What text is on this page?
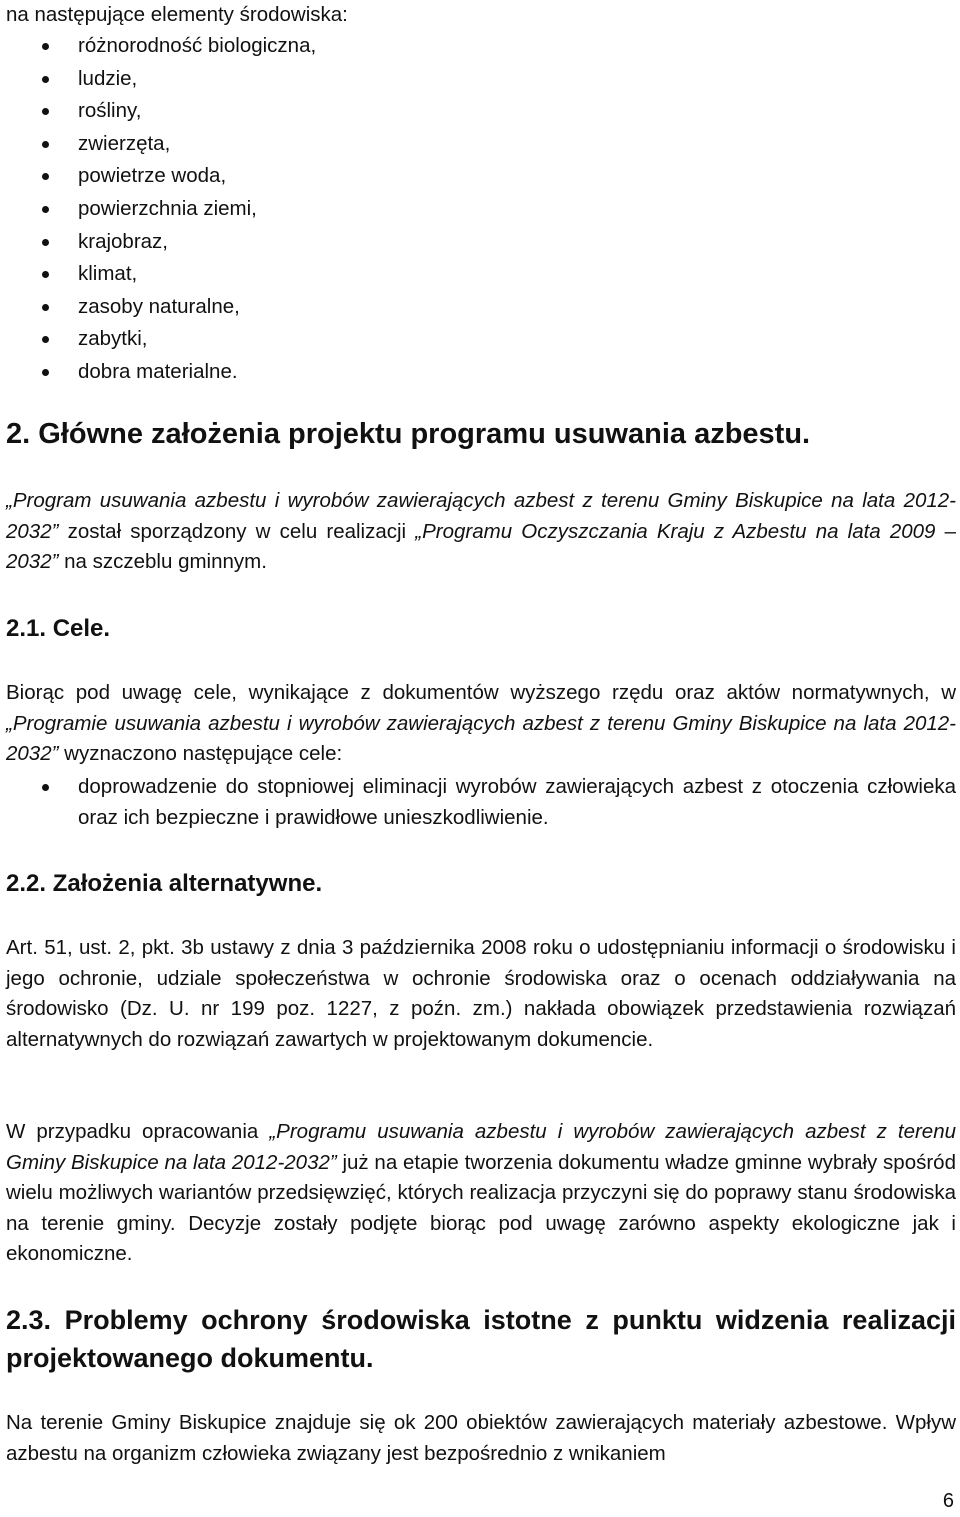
na następujące elementy środowiska:

różnorodność biologiczna,
ludzie,
rośliny,
zwierzęta,
powietrze woda,
powierzchnia ziemi,
krajobraz,
klimat,
zasoby naturalne,
zabytki,
dobra materialne.
2. Główne założenia projektu programu usuwania azbestu.

„Program usuwania azbestu i wyrobów zawierających azbest z terenu Gminy Biskupice na lata 2012-2032” został sporządzony w celu realizacji „Programu Oczyszczania Kraju z Azbestu na lata 2009 – 2032” na szczeblu gminnym.

2.1. Cele.

Biorąc pod uwagę cele, wynikające z dokumentów wyższego rzędu oraz aktów normatywnych, w „Programie usuwania azbestu i wyrobów zawierających azbest z terenu Gminy Biskupice na lata 2012-2032” wyznaczono następujące cele:

doprowadzenie do stopniowej eliminacji wyrobów zawierających azbest z otoczenia człowieka oraz ich bezpieczne i prawidłowe unieszkodliwienie.
2.2. Założenia alternatywne.

Art. 51, ust. 2, pkt. 3b ustawy z dnia 3 października 2008 roku o udostępnianiu informacji o środowisku i jego ochronie, udziale społeczeństwa w ochronie środowiska oraz o ocenach oddziaływania na środowisko (Dz. U. nr 199 poz. 1227, z poźn. zm.) nakłada obowiązek przedstawienia rozwiązań alternatywnych do rozwiązań zawartych w projektowanym dokumencie.

W przypadku opracowania „Programu usuwania azbestu i wyrobów zawierających azbest z terenu Gminy Biskupice na lata 2012-2032” już na etapie tworzenia dokumentu władze gminne wybrały spośród wielu możliwych wariantów przedsięwzięć, których realizacja przyczyni się do poprawy stanu środowiska na terenie gminy. Decyzje zostały podjęte biorąc pod uwagę zarówno aspekty ekologiczne jak i ekonomiczne.

2.3. Problemy ochrony środowiska istotne z punktu widzenia realizacji projektowanego dokumentu.

Na terenie Gminy Biskupice znajduje się ok 200 obiektów zawierających materiały azbestowe. Wpływ azbestu na organizm człowieka związany jest bezpośrednio z wnikaniem

6
